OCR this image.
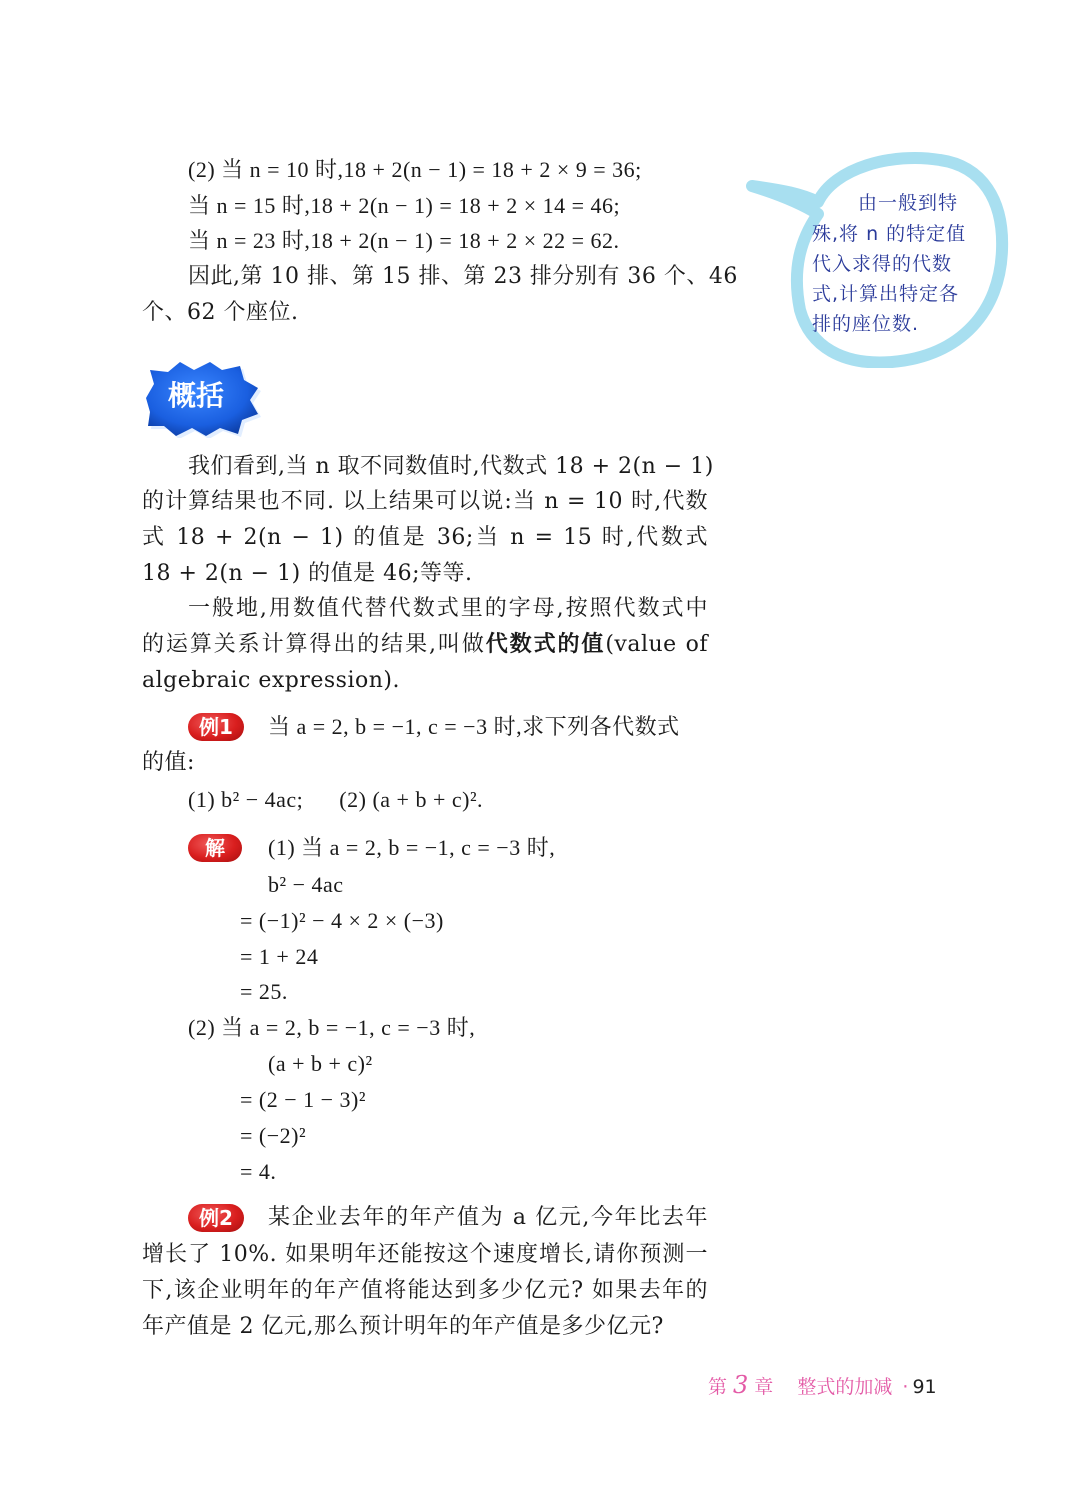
(2) 当 n = 10 时,18 + 2(n − 1) = 18 + 2 × 9 = 36;
当 n = 15 时,18 + 2(n − 1) = 18 + 2 × 14 = 46;
当 n = 23 时,18 + 2(n − 1) = 18 + 2 × 22 = 62.
因此,第 10 排、第 15 排、第 23 排分别有 36 个、46
个、62 个座位.
由一般到特
殊,将 n 的特定值
代入求得的代数
式,计算出特定各
排的座位数.
概括
我们看到,当 n 取不同数值时,代数式 18 + 2(n − 1)
的计算结果也不同. 以上结果可以说:当 n = 10 时,代数
式 18 + 2(n − 1) 的值是 36;当 n = 15 时,代数式
18 + 2(n − 1) 的值是 46;等等.
一般地,用数值代替代数式里的字母,按照代数式中
的运算关系计算得出的结果,叫做代数式的值(value of
algebraic expression).
例1	当 a = 2, b = −1, c = −3 时,求下列各代数式
的值:
(1) b² − 4ac;      (2) (a + b + c)².
解	(1) 当 a = 2, b = −1, c = −3 时,
b² − 4ac
= (−1)² − 4 × 2 × (−3)
= 1 + 24
= 25.
(2) 当 a = 2, b = −1, c = −3 时,
(a + b + c)²
= (2 − 1 − 3)²
= (−2)²
= 4.
例2	某企业去年的年产值为 a 亿元,今年比去年
增长了 10%. 如果明年还能按这个速度增长,请你预测一
下,该企业明年的年产值将能达到多少亿元? 如果去年的
年产值是 2 亿元,那么预计明年的年产值是多少亿元?
第 3 章 整式的加减 · 91
